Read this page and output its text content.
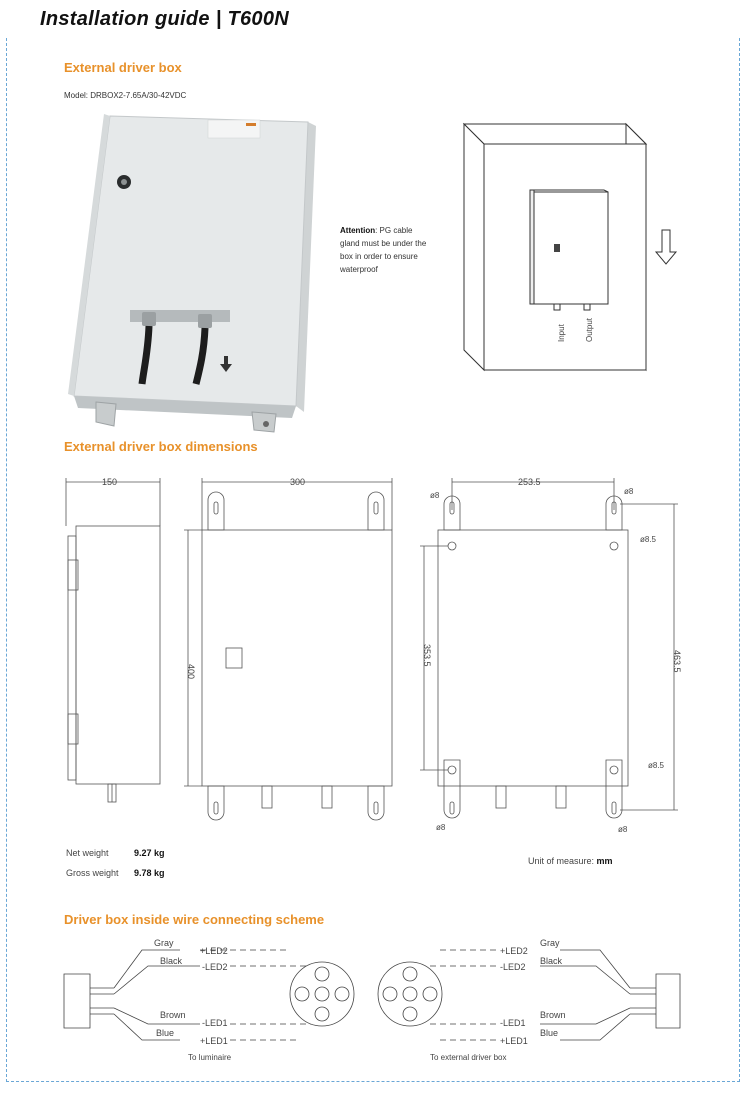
Installation guide | T600N
External driver box
Model: DRBOX2-7.65A/30-42VDC
Attention: PG cable
gland must be under the
box in order to ensure
waterproof
Input Output
External driver box dimensions
150	300
400
253.5
353.5	463.5
ø8	ø8
ø8.5
ø8.5
ø8	ø8
Net weight	9.27 kg
Gross weight	9.78 kg
Unit of measure: mm
Driver box inside wire connecting scheme
Gray
Black
Brown
Blue
+LED2
-LED2
-LED1
+LED1
To luminaire
Gray
Black
Brown
Blue
+LED2
-LED2
-LED1
+LED1
To external driver box
